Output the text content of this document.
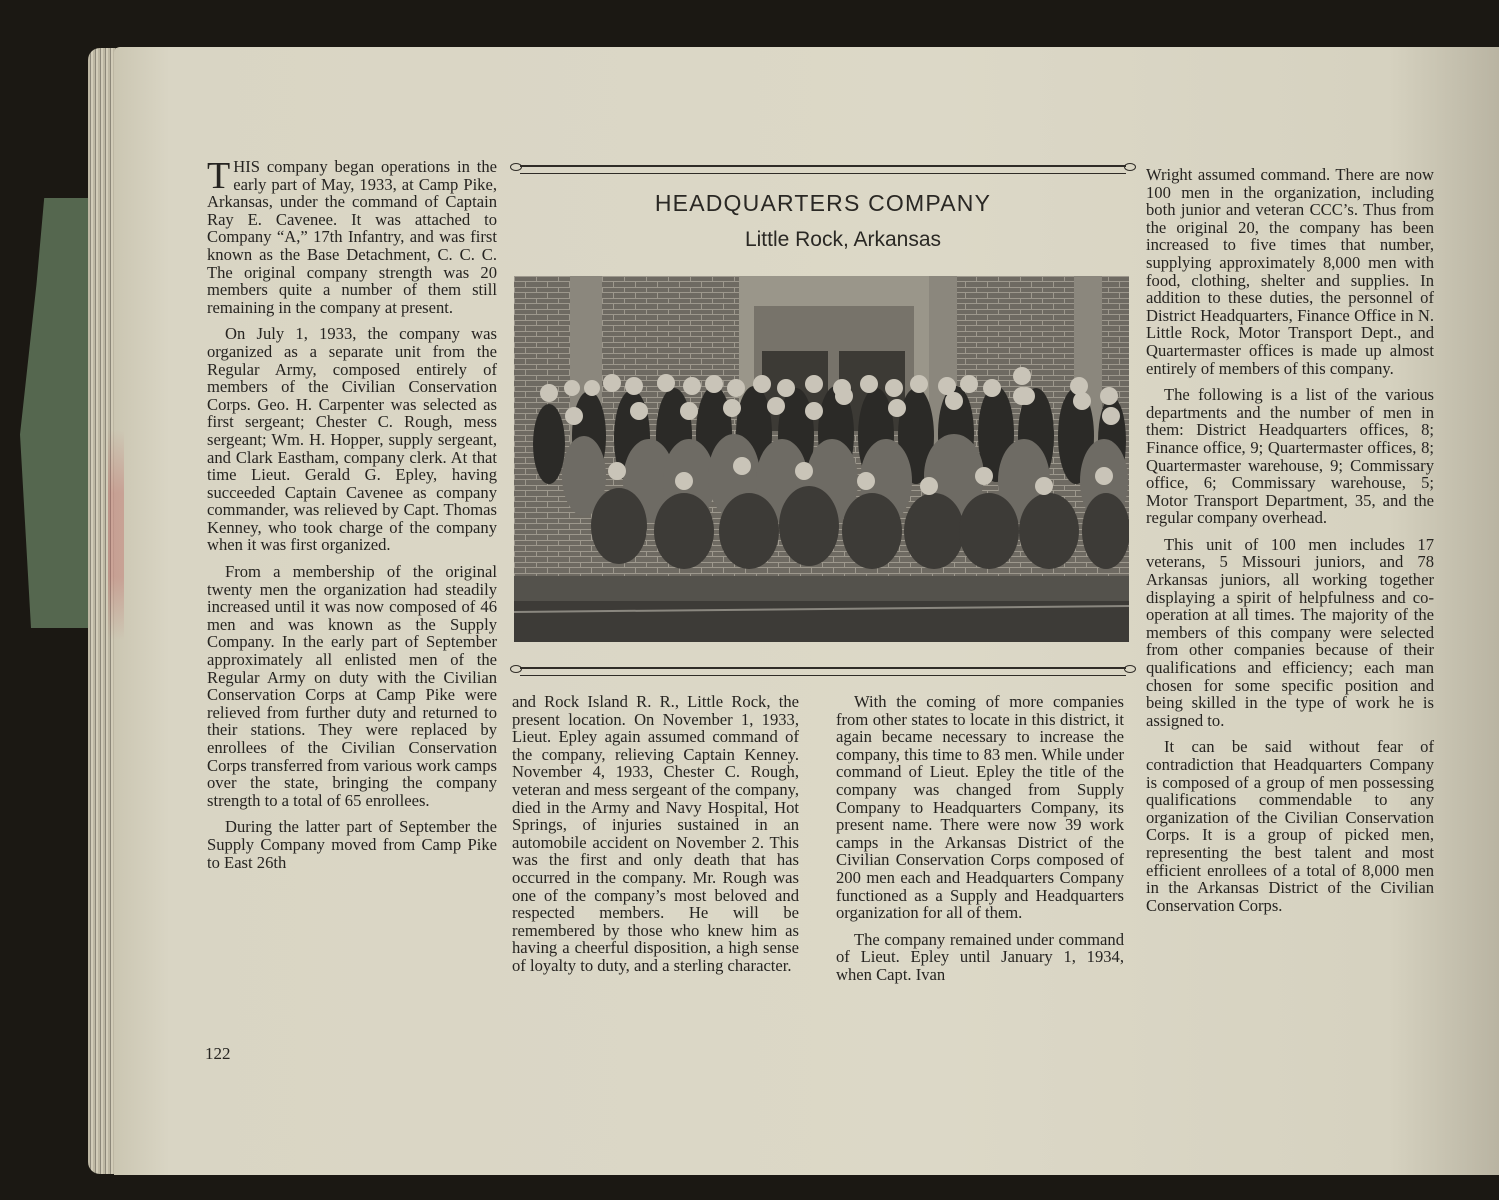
THIS company began operations in the early part of May, 1933, at Camp Pike, Arkansas, under the command of Captain Ray E. Cavenee. It was attached to Company “A,” 17th Infantry, and was first known as the Base Detachment, C. C. C. The original company strength was 20 members quite a number of them still remaining in the company at present.

On July 1, 1933, the company was organized as a separate unit from the Regular Army, composed entirely of members of the Civilian Conservation Corps. Geo. H. Carpenter was selected as first sergeant; Chester C. Rough, mess sergeant; Wm. H. Hopper, supply sergeant, and Clark Eastham, company clerk. At that time Lieut. Gerald G. Epley, having succeeded Captain Cavenee as company commander, was relieved by Capt. Thomas Kenney, who took charge of the company when it was first organized.

From a membership of the original twenty men the organization had steadily increased until it was now composed of 46 men and was known as the Supply Company. In the early part of September approximately all enlisted men of the Regular Army on duty with the Civilian Conservation Corps at Camp Pike were relieved from further duty and returned to their stations. They were replaced by enrollees of the Civilian Conservation Corps transferred from various work camps over the state, bringing the company strength to a total of 65 enrollees.

During the latter part of September the Supply Company moved from Camp Pike to East 26th

HEADQUARTERS COMPANY
Little Rock, Arkansas

and Rock Island R. R., Little Rock, the present location. On November 1, 1933, Lieut. Epley again assumed command of the company, relieving Captain Kenney. November 4, 1933, Chester C. Rough, veteran and mess sergeant of the company, died in the Army and Navy Hospital, Hot Springs, of injuries sustained in an automobile accident on November 2. This was the first and only death that has occurred in the company. Mr. Rough was one of the company’s most beloved and respected members. He will be remembered by those who knew him as having a cheerful disposition, a high sense of loyalty to duty, and a sterling character.

With the coming of more companies from other states to locate in this district, it again became necessary to increase the company, this time to 83 men. While under command of Lieut. Epley the title of the company was changed from Supply Company to Headquarters Company, its present name. There were now 39 work camps in the Arkansas District of the Civilian Conservation Corps composed of 200 men each and Headquarters Company functioned as a Supply and Headquarters organization for all of them.

The company remained under command of Lieut. Epley until January 1, 1934, when Capt. Ivan

Wright assumed command. There are now 100 men in the organization, including both junior and veteran CCC’s. Thus from the original 20, the company has been increased to five times that number, supplying approximately 8,000 men with food, clothing, shelter and supplies. In addition to these duties, the personnel of District Headquarters, Finance Office in N. Little Rock, Motor Transport Dept., and Quartermaster offices is made up almost entirely of members of this company.

The following is a list of the various departments and the number of men in them: District Headquarters offices, 8; Finance office, 9; Quartermaster offices, 8; Quartermaster warehouse, 9; Commissary office, 6; Commissary warehouse, 5; Motor Transport Department, 35, and the regular company overhead.

This unit of 100 men includes 17 veterans, 5 Missouri juniors, and 78 Arkansas juniors, all working together displaying a spirit of helpfulness and co-operation at all times. The majority of the members of this company were selected from other companies because of their qualifications and efficiency; each man chosen for some specific position and being skilled in the type of work he is assigned to.

It can be said without fear of contradiction that Headquarters Company is composed of a group of men possessing qualifications commendable to any organization of the Civilian Conservation Corps. It is a group of picked men, representing the best talent and most efficient enrollees of a total of 8,000 men in the Arkansas District of the Civilian Conservation Corps.

122
